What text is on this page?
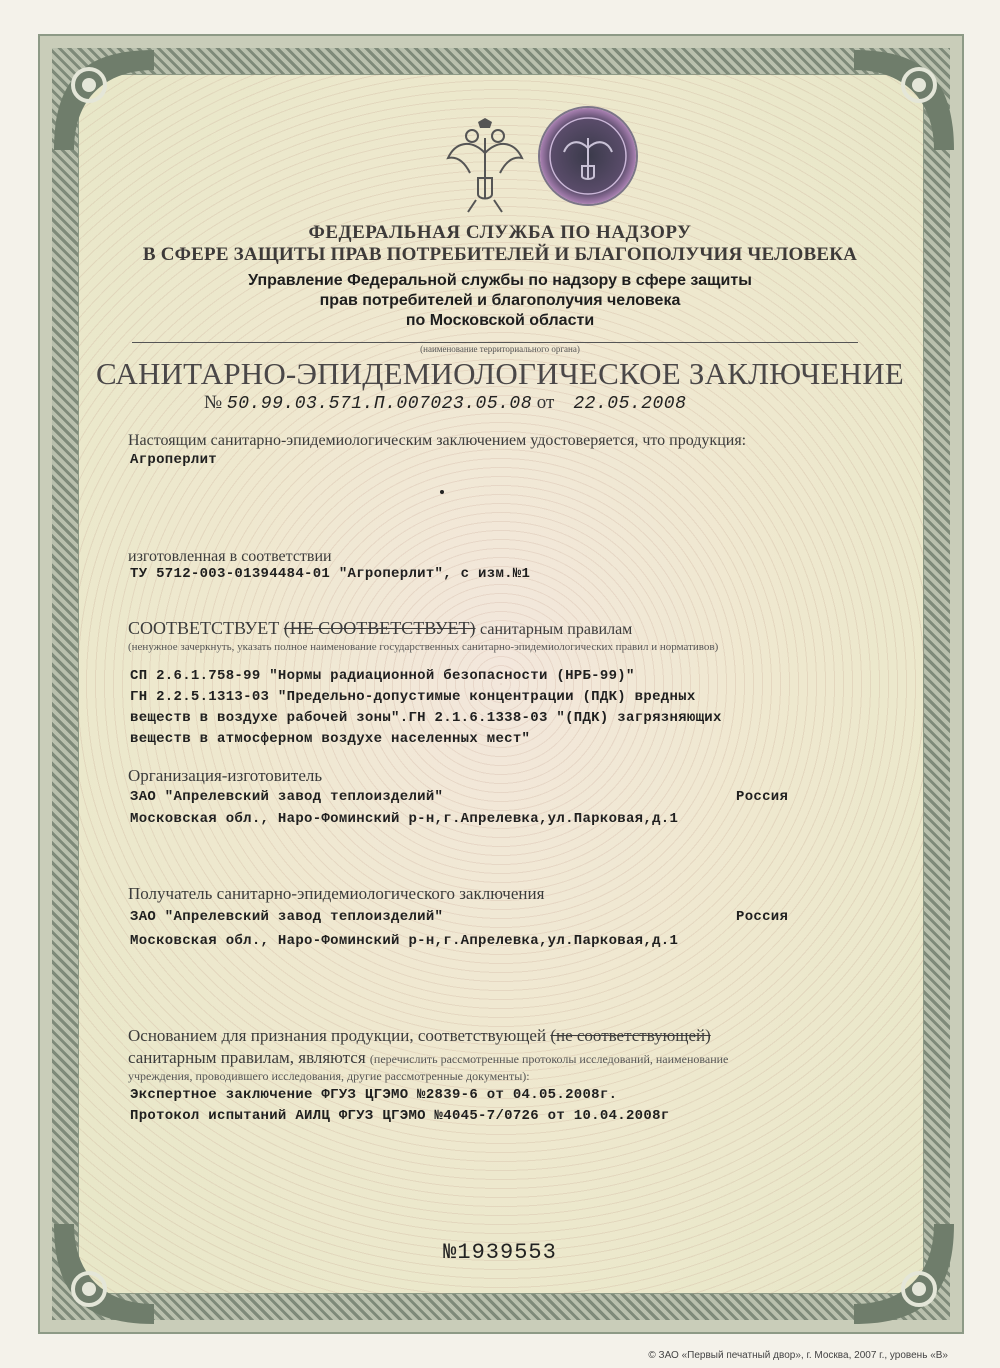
ФЕДЕРАЛЬНАЯ СЛУЖБА ПО НАДЗОРУ
В СФЕРЕ ЗАЩИТЫ ПРАВ ПОТРЕБИТЕЛЕЙ И БЛАГОПОЛУЧИЯ ЧЕЛОВЕКА
Управление Федеральной службы по надзору в сфере защиты
прав потребителей и благополучия человека
по Московской области
(наименование территориального органа)
САНИТАРНО-ЭПИДЕМИОЛОГИЧЕСКОЕ ЗАКЛЮЧЕНИЕ
№ 50.99.03.571.П.007023.05.08 от 22.05.2008
Настоящим санитарно-эпидемиологическим заключением удостоверяется, что продукция:
Агроперлит
изготовленная в соответствии
ТУ 5712-003-01394484-01 "Агроперлит", с изм.№1
СООТВЕТСТВУЕТ (НЕ СООТВЕТСТВУЕТ) санитарным правилам
(ненужное зачеркнуть, указать полное наименование государственных санитарно-эпидемиологических правил и нормативов)
СП 2.6.1.758-99 "Нормы радиационной безопасности (НРБ-99)"
ГН 2.2.5.1313-03 "Предельно-допустимые концентрации (ПДК) вредных
веществ в воздухе рабочей зоны".ГН 2.1.6.1338-03 "(ПДК) загрязняющих
веществ в атмосферном воздухе населенных мест"
Организация-изготовитель
ЗАО "Апрелевский завод теплоизделий"	Россия
Московская обл., Наро-Фоминский р-н,г.Апрелевка,ул.Парковая,д.1
Получатель санитарно-эпидемиологического заключения
ЗАО "Апрелевский завод теплоизделий"	Россия
Московская обл., Наро-Фоминский р-н,г.Апрелевка,ул.Парковая,д.1
Основанием для признания продукции, соответствующей (не соответствующей)
санитарным правилам, являются (перечислить рассмотренные протоколы исследований, наименование
учреждения, проводившего исследования, другие рассмотренные документы):
Экспертное заключение ФГУЗ ЦГЭМО №2839-6 от 04.05.2008г.
Протокол испытаний АИЛЦ ФГУЗ ЦГЭМО №4045-7/0726 от 10.04.2008г
№1939553
© ЗАО «Первый печатный двор», г. Москва, 2007 г., уровень «В»
